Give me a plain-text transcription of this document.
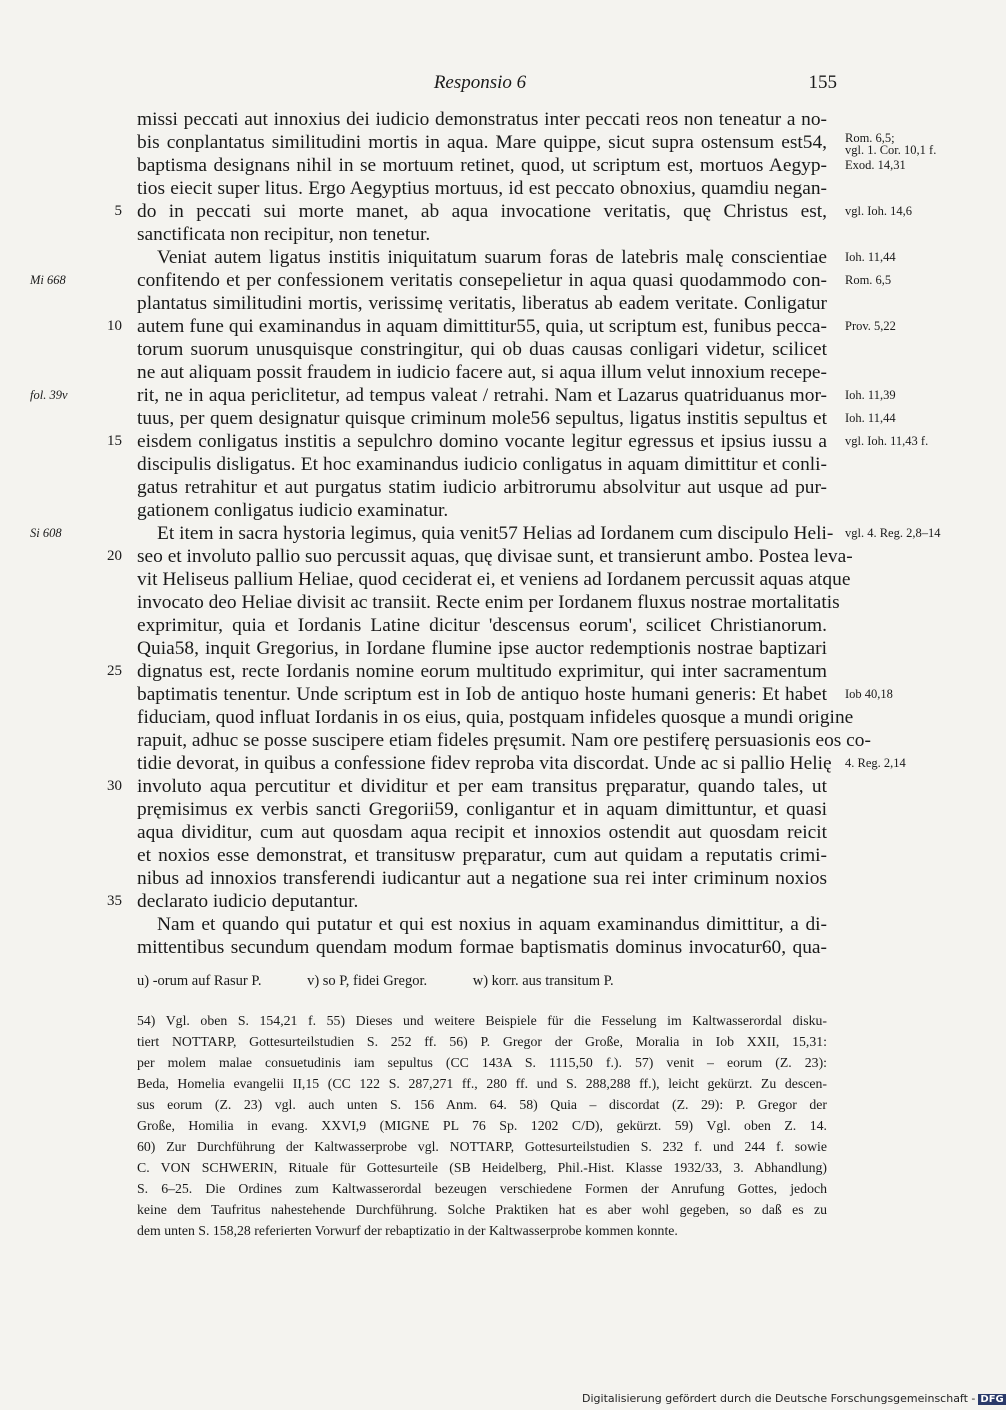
Responsio 6	155
missi peccati aut innoxius dei iudicio demonstratus inter peccati reos non teneatur a no-
bis conplantatus similitudini mortis in aqua. Mare quippe, sicut supra ostensum est54,
baptisma designans nihil in se mortuum retinet, quod, ut scriptum est, mortuos Aegyp-
tios eiecit super litus. Ergo Aegyptius mortuus, id est peccato obnoxius, quamdiu negan-
do in peccati sui morte manet, ab aqua invocatione veritatis, quę Christus est,
sanctificata non recipitur, non tenetur.
Veniat autem ligatus institis iniquitatum suarum foras de latebris malę conscientiae
confitendo et per confessionem veritatis consepelietur in aqua quasi quodammodo con-
plantatus similitudini mortis, verissimę veritatis, liberatus ab eadem veritate. Conligatur
autem fune qui examinandus in aquam dimittitur55, quia, ut scriptum est, funibus pecca-
torum suorum unusquisque constringitur, qui ob duas causas conligari videtur, scilicet
ne aut aliquam possit fraudem in iudicio facere aut, si aqua illum velut innoxium recepe-
rit, ne in aqua periclitetur, ad tempus valeat / retrahi. Nam et Lazarus quatriduanus mor-
tuus, per quem designatur quisque criminum mole56 sepultus, ligatus institis sepultus et
eisdem conligatus institis a sepulchro domino vocante legitur egressus et ipsius iussu a
discipulis disligatus. Et hoc examinandus iudicio conligatus in aquam dimittitur et conli-
gatus retrahitur et aut purgatus statim iudicio arbitrorumu absolvitur aut usque ad pur-
gationem conligatus iudicio examinatur.
Et item in sacra hystoria legimus, quia venit57 Helias ad Iordanem cum discipulo Heli-
seo et involuto pallio suo percussit aquas, quę divisae sunt, et transierunt ambo. Postea leva-
vit Heliseus pallium Heliae, quod ceciderat ei, et veniens ad Iordanem percussit aquas atque
invocato deo Heliae divisit ac transiit. Recte enim per Iordanem fluxus nostrae mortalitatis
exprimitur, quia et Iordanis Latine dicitur 'descensus eorum', scilicet Christianorum.
Quia58, inquit Gregorius, in Iordane flumine ipse auctor redemptionis nostrae baptizari
dignatus est, recte Iordanis nomine eorum multitudo exprimitur, qui inter sacramentum
baptimatis tenentur. Unde scriptum est in Iob de antiquo hoste humani generis: Et habet
fiduciam, quod influat Iordanis in os eius, quia, postquam infideles quosque a mundi origine
rapuit, adhuc se posse suscipere etiam fideles pręsumit. Nam ore pestiferę persuasionis eos co-
tidie devorat, in quibus a confessione fidev reproba vita discordat. Unde ac si pallio Helię
involuto aqua percutitur et dividitur et per eam transitus pręparatur, quando tales, ut
pręmisimus ex verbis sancti Gregorii59, conligantur et in aquam dimittuntur, et quasi
aqua dividitur, cum aut quosdam aqua recipit et innoxios ostendit aut quosdam reicit
et noxios esse demonstrat, et transitusw pręparatur, cum aut quidam a reputatis crimi-
nibus ad innoxios transferendi iudicantur aut a negatione sua rei inter criminum noxios
declarato iudicio deputantur.
Nam et quando qui putatur et qui est noxius in aquam examinandus dimittitur, a di-
mittentibus secundum quendam modum formae baptismatis dominus invocatur60, qua-
5
10
15
20
25
30
35
Mi 668
fol. 39v
Si 608
Rom. 6,5;
vgl. 1. Cor. 10,1 f.
Exod. 14,31
vgl. Ioh. 14,6
Ioh. 11,44
Rom. 6,5
Prov. 5,22
Ioh. 11,39
Ioh. 11,44
vgl. Ioh. 11,43 f.
vgl. 4. Reg. 2,8–14
Iob 40,18
4. Reg. 2,14
u) -orum auf Rasur P.	v) so P, fidei Gregor.	w) korr. aus transitum P.
54) Vgl. oben S. 154,21 f. 55) Dieses und weitere Beispiele für die Fesselung im Kaltwasserordal disku-
tiert NOTTARP, Gottesurteilstudien S. 252 ff. 56) P. Gregor der Große, Moralia in Iob XXII, 15,31:
per molem malae consuetudinis iam sepultus (CC 143A S. 1115,50 f.). 57) venit – eorum (Z. 23):
Beda, Homelia evangelii II,15 (CC 122 S. 287,271 ff., 280 ff. und S. 288,288 ff.), leicht gekürzt. Zu descen-
sus eorum (Z. 23) vgl. auch unten S. 156 Anm. 64. 58) Quia – discordat (Z. 29): P. Gregor der
Große, Homilia in evang. XXVI,9 (MIGNE PL 76 Sp. 1202 C/D), gekürzt. 59) Vgl. oben Z. 14.
60) Zur Durchführung der Kaltwasserprobe vgl. NOTTARP, Gottesurteilstudien S. 232 f. und 244 f. sowie
C. VON SCHWERIN, Rituale für Gottesurteile (SB Heidelberg, Phil.-Hist. Klasse 1932/33, 3. Abhandlung)
S. 6–25. Die Ordines zum Kaltwasserordal bezeugen verschiedene Formen der Anrufung Gottes, jedoch
keine dem Taufritus nahestehende Durchführung. Solche Praktiken hat es aber wohl gegeben, so daß es zu
dem unten S. 158,28 referierten Vorwurf der rebaptizatio in der Kaltwasserprobe kommen konnte.
Digitalisierung gefördert durch die Deutsche Forschungsgemeinschaft - DFG
